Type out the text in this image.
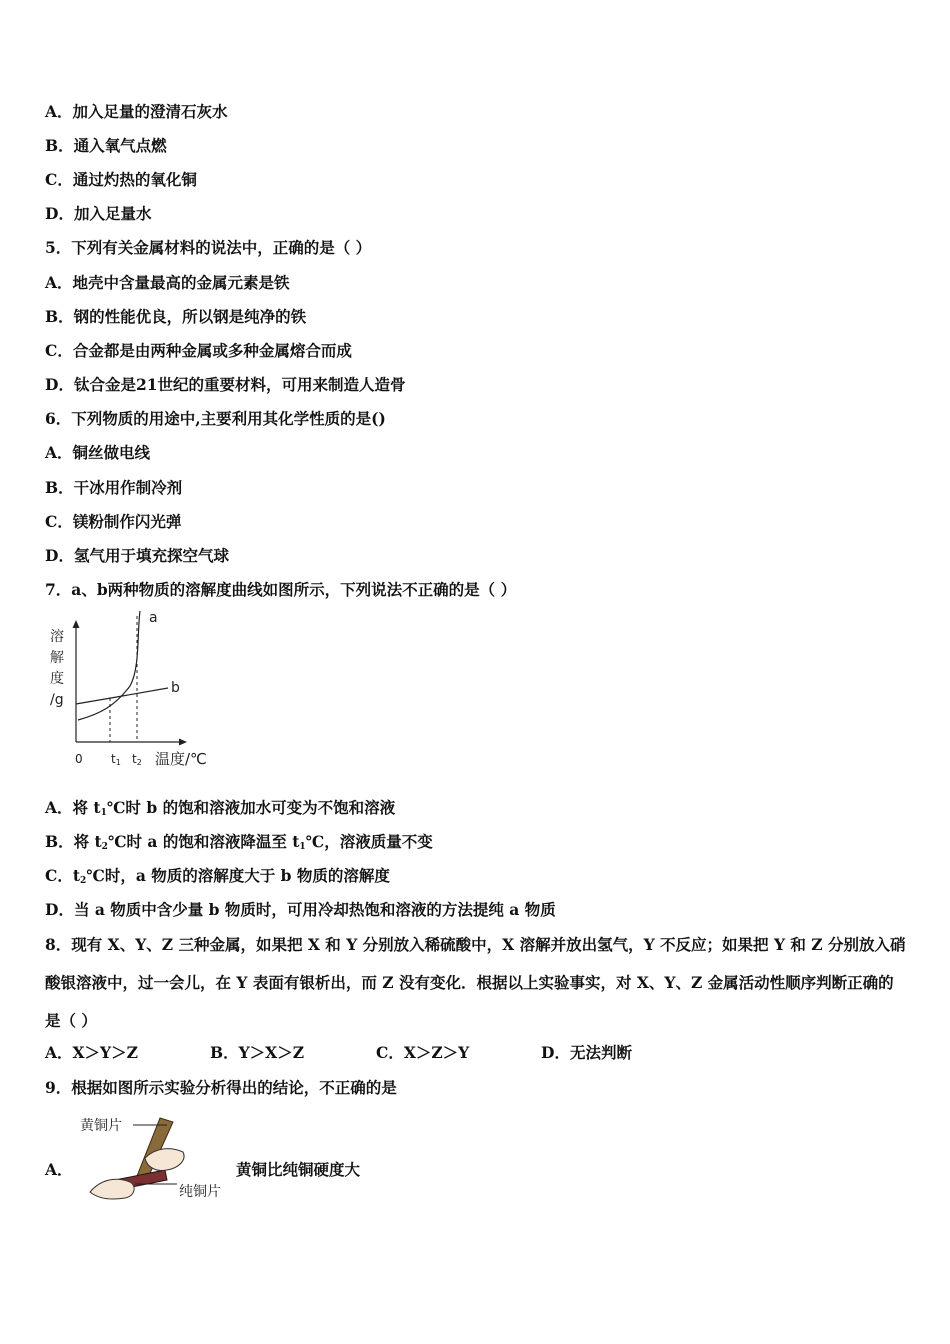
A．加入足量的澄清石灰水
B．通入氧气点燃
C．通过灼热的氧化铜
D．加入足量水
5．下列有关金属材料的说法中，正确的是（ ）
A．地壳中含量最高的金属元素是铁
B．钢的性能优良，所以钢是纯净的铁
C．合金都是由两种金属或多种金属熔合而成
D．钛合金是21世纪的重要材料，可用来制造人造骨
6．下列物质的用途中,主要利用其化学性质的是()
A．铜丝做电线
B．干冰用作制冷剂
C．镁粉制作闪光弹
D．氢气用于填充探空气球
7．a、b两种物质的溶解度曲线如图所示，下列说法不正确的是（ ）
溶
解
度
/g
a
b
0 t1 t2 温度/℃
A．将 $t_1℃$时 b 的饱和溶液加水可变为不饱和溶液
B．将 $t_2℃$时 a 的饱和溶液降温至 $t_1℃$，溶液质量不变
C．$t_2℃$时，a 物质的溶解度大于 b 物质的溶解度
D．当 a 物质中含少量 b 物质时，可用冷却热饱和溶液的方法提纯 a 物质
8．现有 X、Y、Z 三种金属，如果把 X 和 Y 分别放入稀硫酸中，X 溶解并放出氢气，Y 不反应；如果把 Y 和 Z 分别放入硝酸银溶液中，过一会儿，在 Y 表面有银析出，而 Z 没有变化．根据以上实验事实，对 X、Y、Z 金属活动性顺序判断正确的是（ ）
A．X＞Y＞Z	B．Y＞X＞Z	C．X＞Z＞Y	D．无法判断
9．根据如图所示实验分析得出的结论，不正确的是
黄铜片
纯铜片
A．	黄铜比纯铜硬度大
